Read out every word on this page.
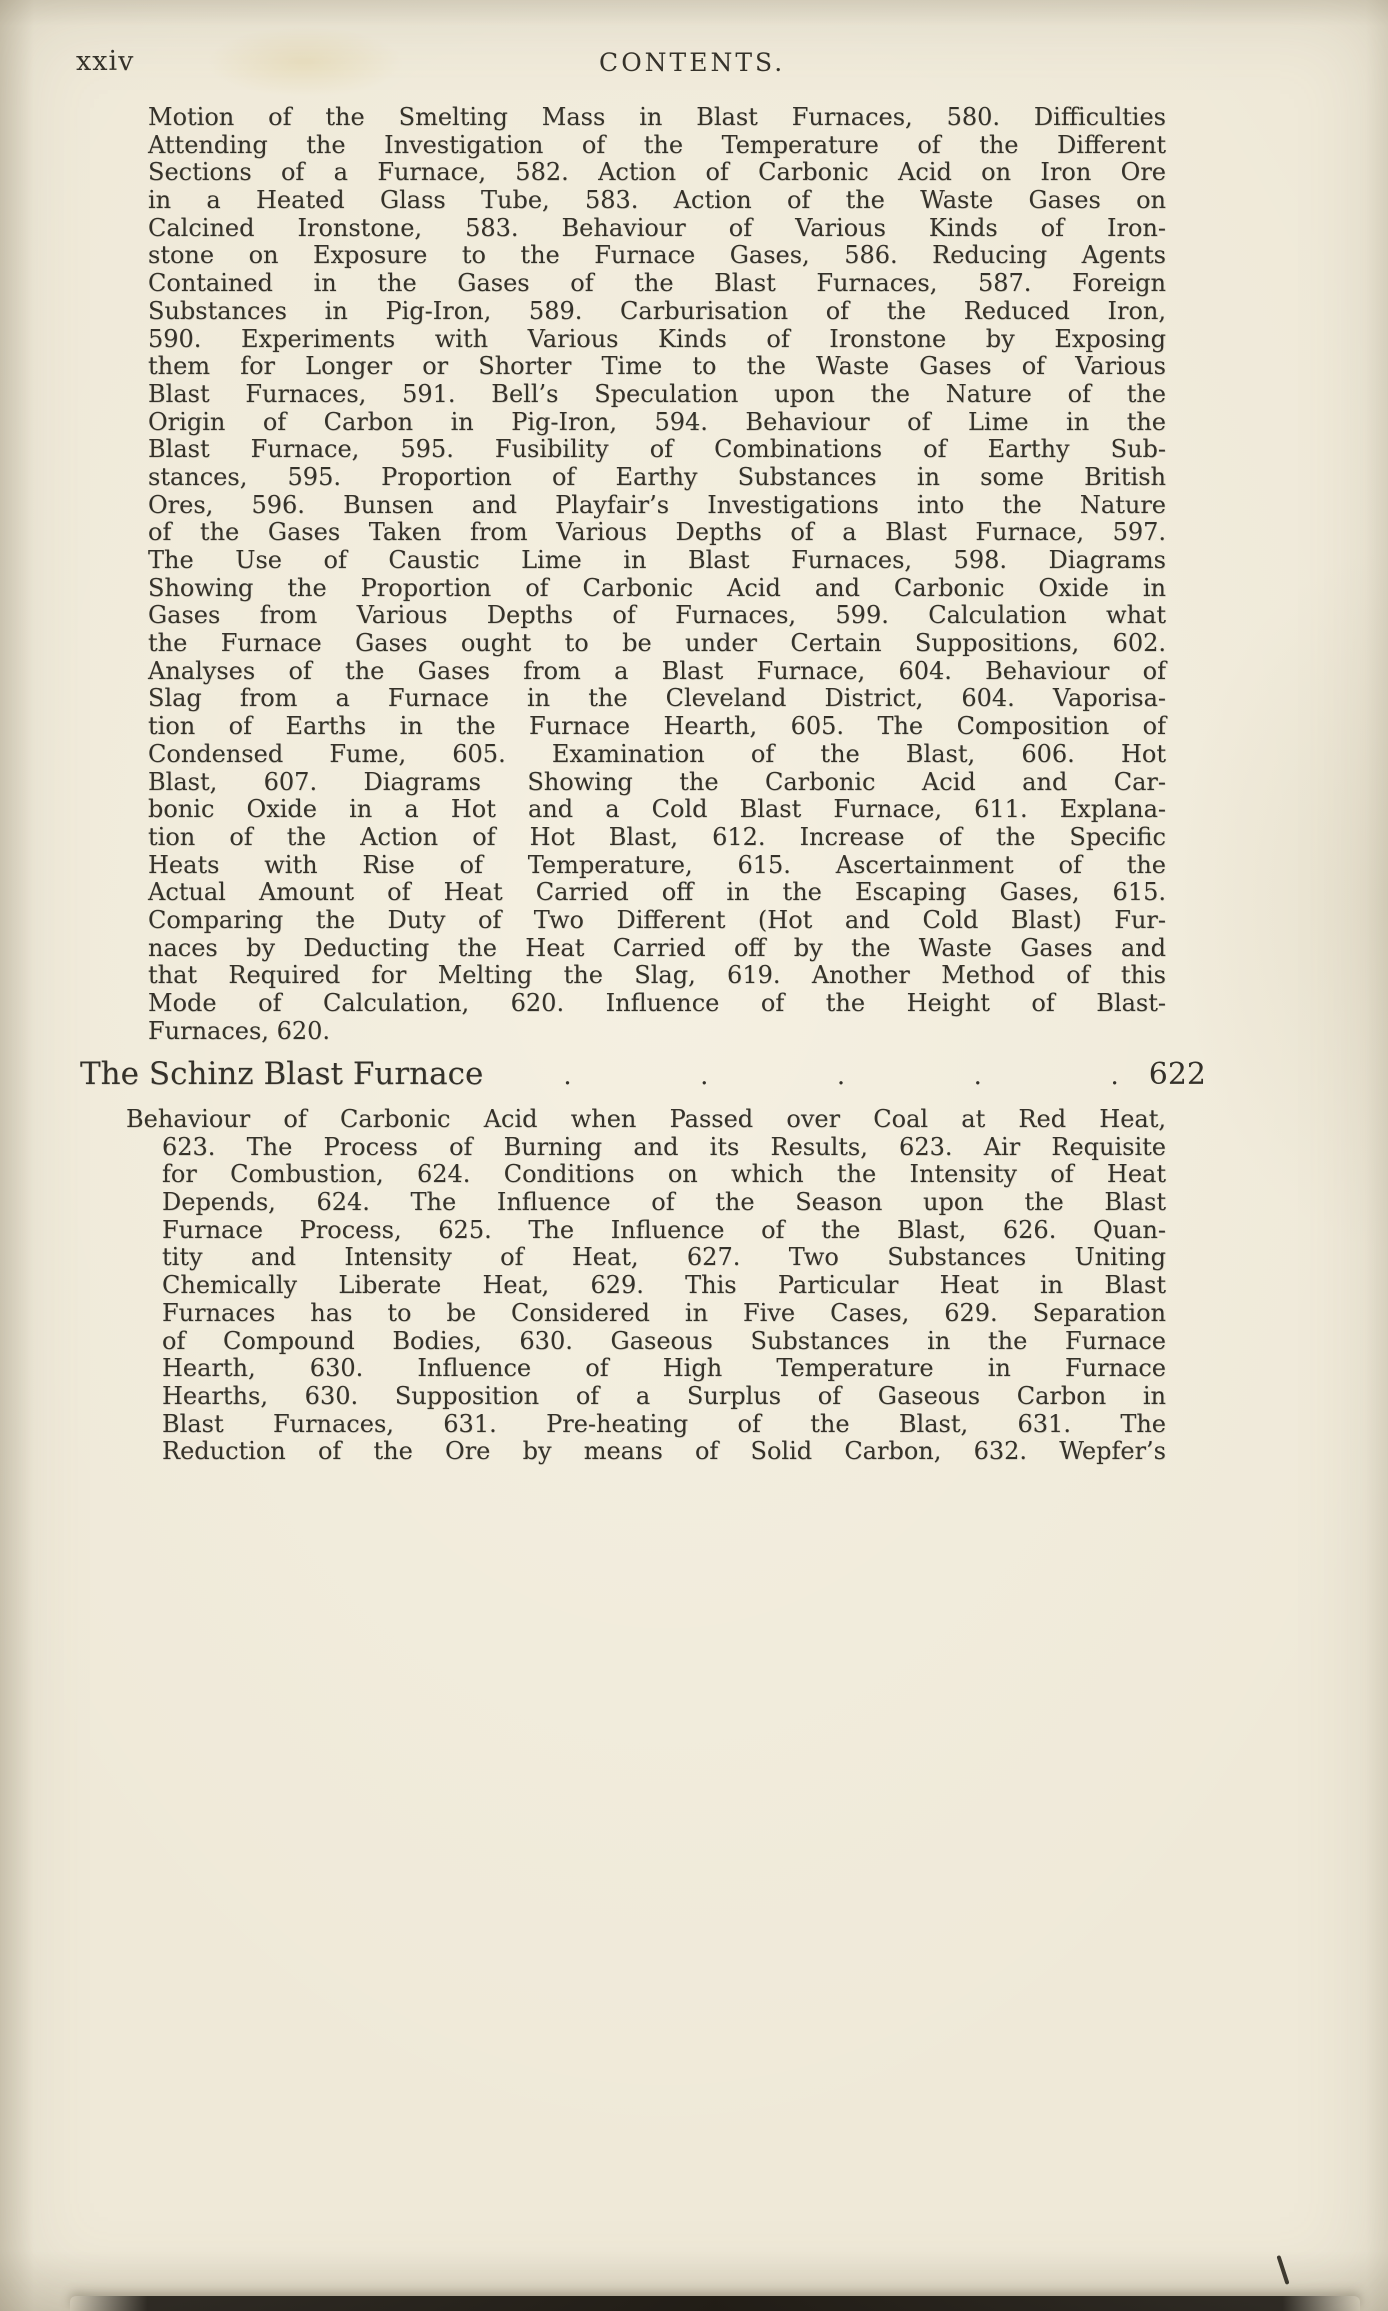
xxiv	CONTENTS.
Motion of the Smelting Mass in Blast Furnaces, 580. Difficulties
Attending the Investigation of the Temperature of the Different
Sections of a Furnace, 582. Action of Carbonic Acid on Iron Ore
in a Heated Glass Tube, 583. Action of the Waste Gases on
Calcined Ironstone, 583. Behaviour of Various Kinds of Iron-
stone on Exposure to the Furnace Gases, 586. Reducing Agents
Contained in the Gases of the Blast Furnaces, 587. Foreign
Substances in Pig-Iron, 589. Carburisation of the Reduced Iron,
590. Experiments with Various Kinds of Ironstone by Exposing
them for Longer or Shorter Time to the Waste Gases of Various
Blast Furnaces, 591. Bell’s Speculation upon the Nature of the
Origin of Carbon in Pig-Iron, 594. Behaviour of Lime in the
Blast Furnace, 595. Fusibility of Combinations of Earthy Sub-
stances, 595. Proportion of Earthy Substances in some British
Ores, 596. Bunsen and Playfair’s Investigations into the Nature
of the Gases Taken from Various Depths of a Blast Furnace, 597.
The Use of Caustic Lime in Blast Furnaces, 598. Diagrams
Showing the Proportion of Carbonic Acid and Carbonic Oxide in
Gases from Various Depths of Furnaces, 599. Calculation what
the Furnace Gases ought to be under Certain Suppositions, 602.
Analyses of the Gases from a Blast Furnace, 604. Behaviour of
Slag from a Furnace in the Cleveland District, 604. Vaporisa-
tion of Earths in the Furnace Hearth, 605. The Composition of
Condensed Fume, 605. Examination of the Blast, 606. Hot
Blast, 607. Diagrams Showing the Carbonic Acid and Car-
bonic Oxide in a Hot and a Cold Blast Furnace, 611. Explana-
tion of the Action of Hot Blast, 612. Increase of the Specific
Heats with Rise of Temperature, 615. Ascertainment of the
Actual Amount of Heat Carried off in the Escaping Gases, 615.
Comparing the Duty of Two Different (Hot and Cold Blast) Fur-
naces by Deducting the Heat Carried off by the Waste Gases and
that Required for Melting the Slag, 619. Another Method of this
Mode of Calculation, 620. Influence of the Height of Blast-
Furnaces, 620.
The Schinz Blast Furnace	.	.	.	.	. 622
Behaviour of Carbonic Acid when Passed over Coal at Red Heat,
623. The Process of Burning and its Results, 623. Air Requisite
for Combustion, 624. Conditions on which the Intensity of Heat
Depends, 624. The Influence of the Season upon the Blast
Furnace Process, 625. The Influence of the Blast, 626. Quan-
tity and Intensity of Heat, 627. Two Substances Uniting
Chemically Liberate Heat, 629. This Particular Heat in Blast
Furnaces has to be Considered in Five Cases, 629. Separation
of Compound Bodies, 630. Gaseous Substances in the Furnace
Hearth, 630. Influence of High Temperature in Furnace
Hearths, 630. Supposition of a Surplus of Gaseous Carbon in
Blast Furnaces, 631. Pre-heating of the Blast, 631. The
Reduction of the Ore by means of Solid Carbon, 632. Wepfer’s
